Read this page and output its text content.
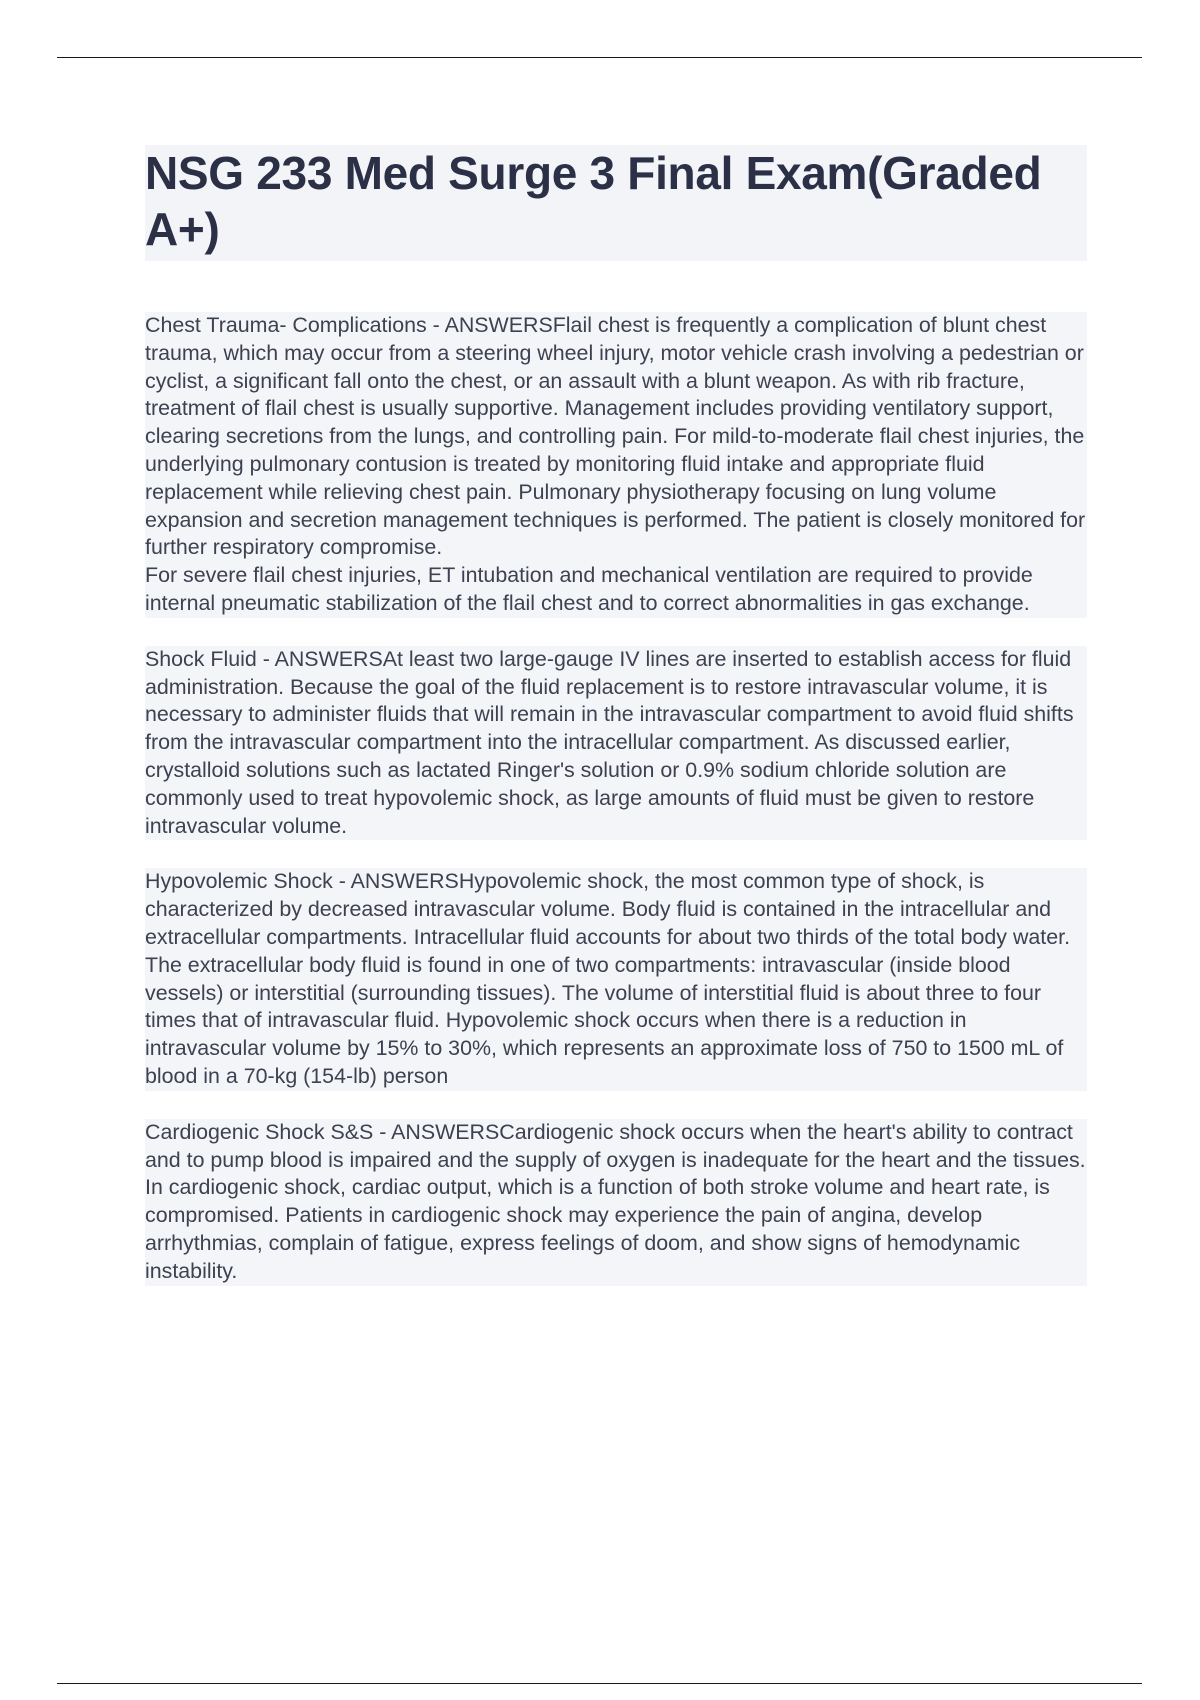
NSG 233 Med Surge 3 Final Exam(Graded A+)

Chest Trauma- Complications - ANSWERSFlail chest is frequently a complication of blunt chest trauma, which may occur from a steering wheel injury, motor vehicle crash involving a pedestrian or cyclist, a significant fall onto the chest, or an assault with a blunt weapon. As with rib fracture, treatment of flail chest is usually supportive. Management includes providing ventilatory support, clearing secretions from the lungs, and controlling pain. For mild-to-moderate flail chest injuries, the underlying pulmonary contusion is treated by monitoring fluid intake and appropriate fluid replacement while relieving chest pain. Pulmonary physiotherapy focusing on lung volume expansion and secretion management techniques is performed. The patient is closely monitored for further respiratory compromise.

For severe flail chest injuries, ET intubation and mechanical ventilation are required to provide internal pneumatic stabilization of the flail chest and to correct abnormalities in gas exchange.

Shock Fluid - ANSWERSAt least two large-gauge IV lines are inserted to establish access for fluid administration. Because the goal of the fluid replacement is to restore intravascular volume, it is necessary to administer fluids that will remain in the intravascular compartment to avoid fluid shifts from the intravascular compartment into the intracellular compartment. As discussed earlier, crystalloid solutions such as lactated Ringer's solution or 0.9% sodium chloride solution are commonly used to treat hypovolemic shock, as large amounts of fluid must be given to restore intravascular volume.

Hypovolemic Shock - ANSWERSHypovolemic shock, the most common type of shock, is characterized by decreased intravascular volume. Body fluid is contained in the intracellular and extracellular compartments. Intracellular fluid accounts for about two thirds of the total body water. The extracellular body fluid is found in one of two compartments: intravascular (inside blood vessels) or interstitial (surrounding tissues). The volume of interstitial fluid is about three to four times that of intravascular fluid. Hypovolemic shock occurs when there is a reduction in intravascular volume by 15% to 30%, which represents an approximate loss of 750 to 1500 mL of blood in a 70-kg (154-lb) person

Cardiogenic Shock S&S - ANSWERSCardiogenic shock occurs when the heart's ability to contract and to pump blood is impaired and the supply of oxygen is inadequate for the heart and the tissues. In cardiogenic shock, cardiac output, which is a function of both stroke volume and heart rate, is compromised. Patients in cardiogenic shock may experience the pain of angina, develop arrhythmias, complain of fatigue, express feelings of doom, and show signs of hemodynamic instability.
